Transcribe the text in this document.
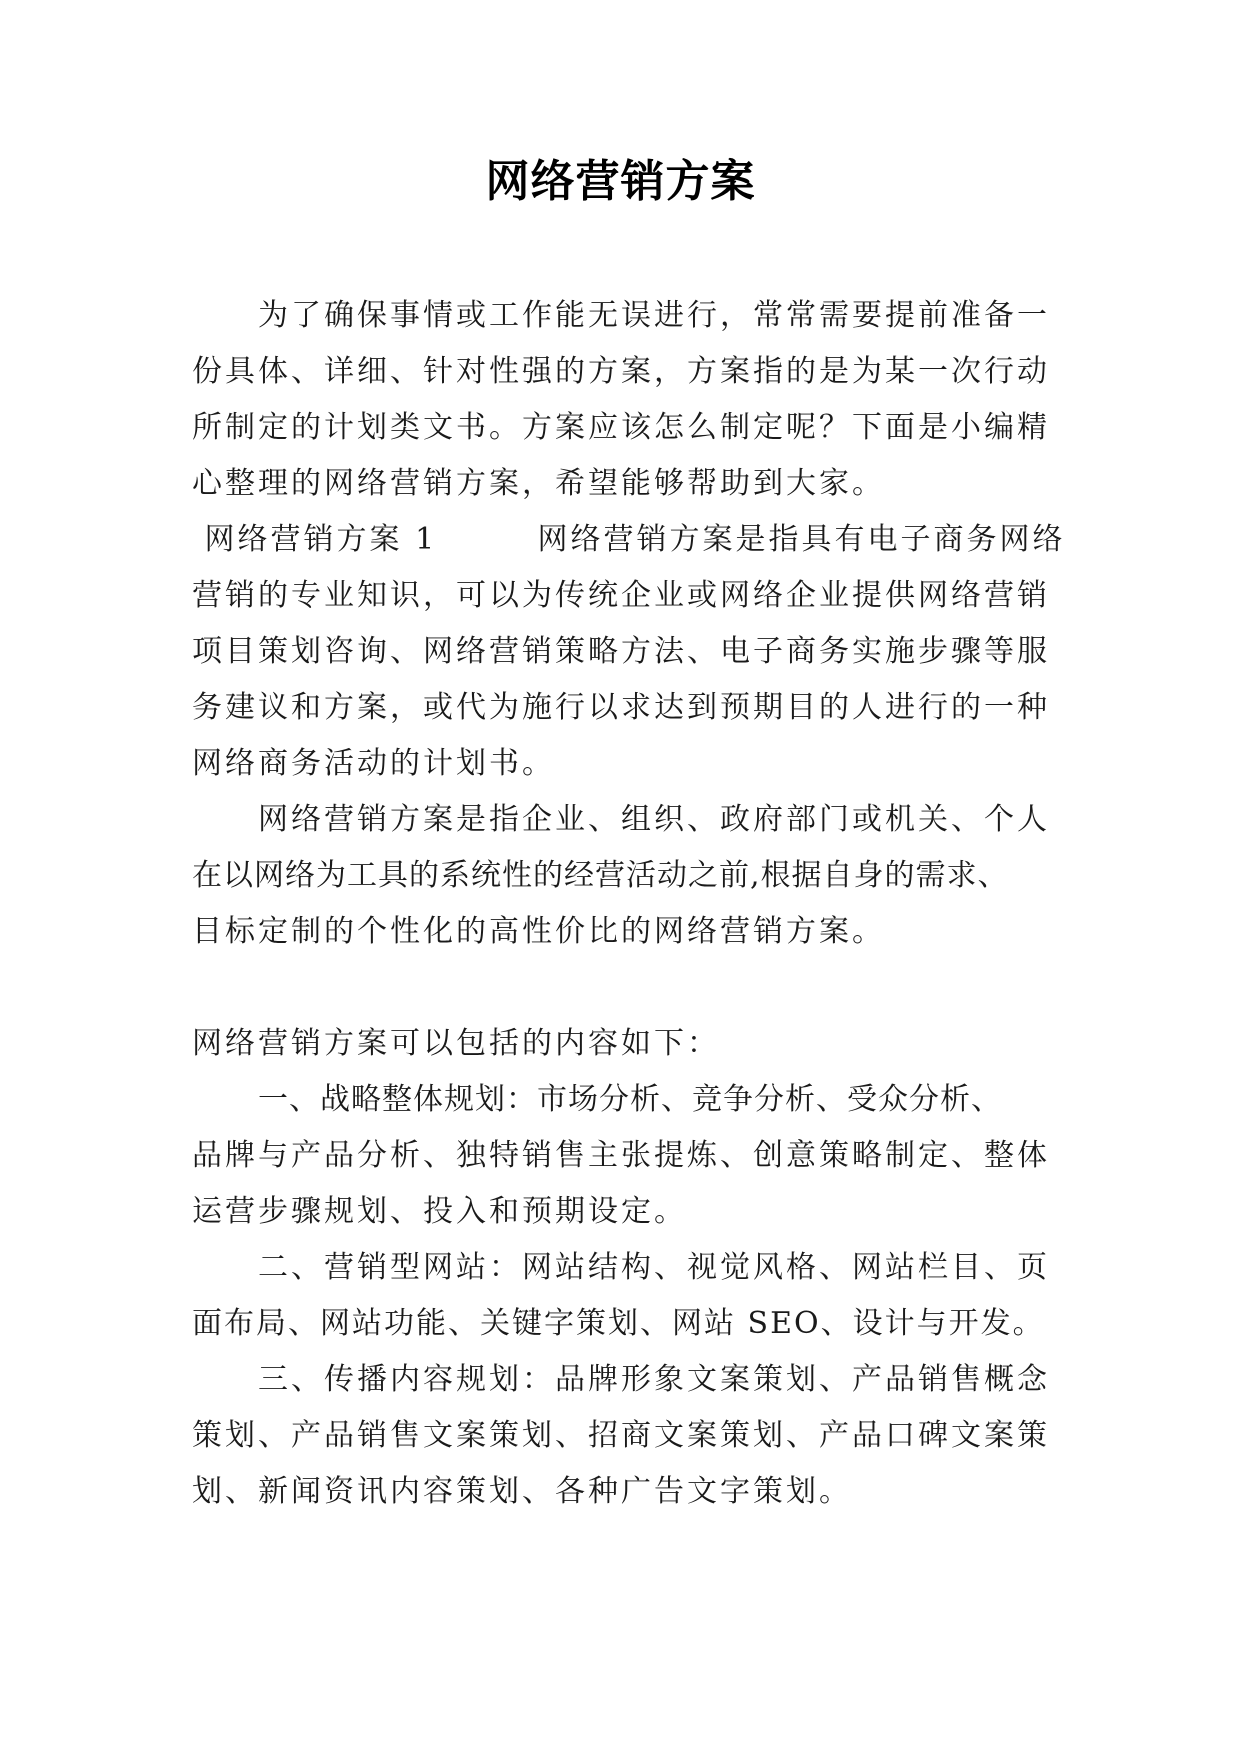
网络营销方案
为了确保事情或工作能无误进行，常常需要提前准备一
份具体、详细、针对性强的方案，方案指的是为某一次行动
所制定的计划类文书。方案应该怎么制定呢？下面是小编精
心整理的网络营销方案，希望能够帮助到大家。
网络营销方案 1        网络营销方案是指具有电子商务网络
营销的专业知识，可以为传统企业或网络企业提供网络营销
项目策划咨询、网络营销策略方法、电子商务实施步骤等服
务建议和方案，或代为施行以求达到预期目的人进行的一种
网络商务活动的计划书。
网络营销方案是指企业、组织、政府部门或机关、个人
在以网络为工具的系统性的经营活动之前,根据自身的需求、
目标定制的个性化的高性价比的网络营销方案。
网络营销方案可以包括的内容如下：
一、战略整体规划：市场分析、竞争分析、受众分析、
品牌与产品分析、独特销售主张提炼、创意策略制定、整体
运营步骤规划、投入和预期设定。
二、营销型网站：网站结构、视觉风格、网站栏目、页
面布局、网站功能、关键字策划、网站 SEO、设计与开发。
三、传播内容规划：品牌形象文案策划、产品销售概念
策划、产品销售文案策划、招商文案策划、产品口碑文案策
划、新闻资讯内容策划、各种广告文字策划。
